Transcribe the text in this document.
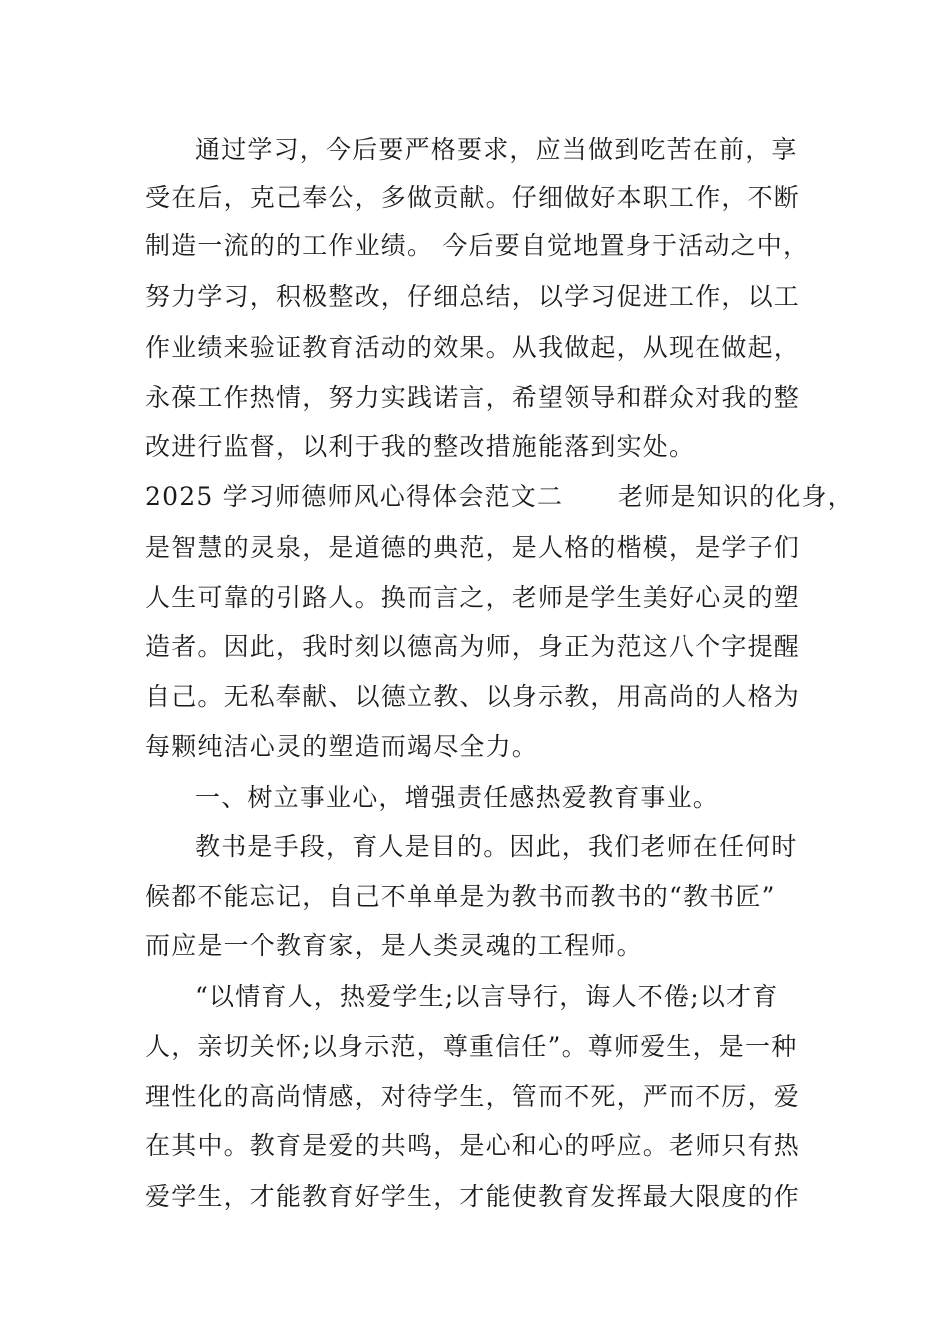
通过学习，今后要严格要求，应当做到吃苦在前，享
受在后，克己奉公，多做贡献。仔细做好本职工作，不断
制造一流的的工作业绩。 今后要自觉地置身于活动之中，
努力学习，积极整改，仔细总结，以学习促进工作，以工
作业绩来验证教育活动的效果。从我做起，从现在做起，
永葆工作热情，努力实践诺言，希望领导和群众对我的整
改进行监督，以利于我的整改措施能落到实处。
2025 学习师德师风心得体会范文二      老师是知识的化身，
是智慧的灵泉，是道德的典范，是人格的楷模，是学子们
人生可靠的引路人。换而言之，老师是学生美好心灵的塑
造者。因此，我时刻以德高为师，身正为范这八个字提醒
自己。无私奉献、以德立教、以身示教，用高尚的人格为
每颗纯洁心灵的塑造而竭尽全力。
一、树立事业心，增强责任感热爱教育事业。
教书是手段，育人是目的。因此，我们老师在任何时
候都不能忘记，自己不单单是为教书而教书的“教书匠”
而应是一个教育家，是人类灵魂的工程师。
“以情育人，热爱学生;以言导行，诲人不倦;以才育
人，亲切关怀;以身示范，尊重信任”。尊师爱生，是一种
理性化的高尚情感，对待学生，管而不死，严而不厉，爱
在其中。教育是爱的共鸣，是心和心的呼应。老师只有热
爱学生，才能教育好学生，才能使教育发挥最大限度的作
